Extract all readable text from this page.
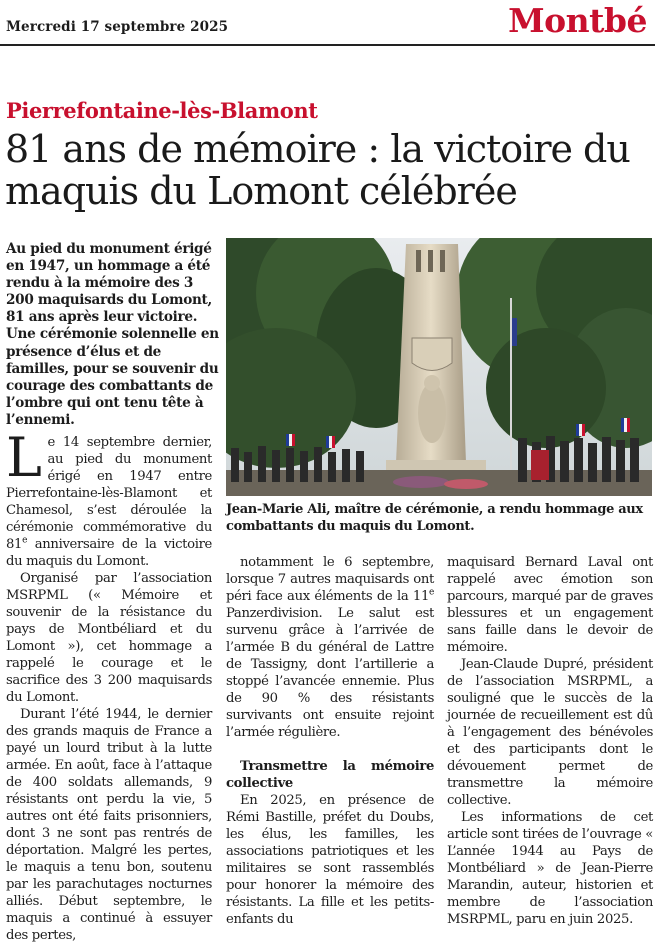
Mercredi 17 septembre 2025	Montbé
Pierrefontaine-lès-Blamont
81 ans de mémoire : la victoire du
maquis du Lomont célébrée
Au pied du monument érigé en 1947, un hommage a été rendu à la mémoire des 3 200 maquisards du Lomont, 81 ans après leur victoire. Une cérémonie solennelle en présence d’élus et de familles, pour se souvenir du courage des combattants de l’ombre qui ont tenu tête à l’ennemi.
Jean-Marie Ali, maître de cérémonie, a rendu hommage aux combattants du maquis du Lomont.

Le 14 septembre dernier, au pied du monument érigé en 1947 entre Pierrefontaine-lès-Blamont et Chamesol, s’est déroulée la cérémonie commémorative du 81e anniversaire de la victoire du maquis du Lomont.

Organisé par l’association MSRPML (« Mémoire et souvenir de la résistance du pays de Montbéliard et du Lomont »), cet hommage a rappelé le courage et le sacrifice des 3 200 maquisards du Lomont.

Durant l’été 1944, le dernier des grands maquis de France a payé un lourd tribut à la lutte armée. En août, face à l’attaque de 400 soldats allemands, 9 résistants ont perdu la vie, 5 autres ont été faits prisonniers, dont 3 ne sont pas rentrés de déportation. Malgré les pertes, le maquis a tenu bon, soutenu par les parachutages nocturnes alliés. Début septembre, le maquis a continué à essuyer des pertes,

notamment le 6 septembre, lorsque 7 autres maquisards ont péri face aux éléments de la 11e Panzerdivision. Le salut est survenu grâce à l’arrivée de l’armée B du général de Lattre de Tassigny, dont l’artillerie a stoppé l’avancée ennemie. Plus de 90 % des résistants survivants ont ensuite rejoint l’armée régulière.

Transmettre la mémoire collective

En 2025, en présence de Rémi Bastille, préfet du Doubs, les élus, les familles, les associations patriotiques et les militaires se sont rassemblés pour honorer la mémoire des résistants. La fille et les petits-enfants du

maquisard Bernard Laval ont rappelé avec émotion son parcours, marqué par de graves blessures et un engagement sans faille dans le devoir de mémoire.

Jean-Claude Dupré, président de l’association MSRPML, a souligné que le succès de la journée de recueillement est dû à l’engagement des bénévoles et des participants dont le dévouement permet de transmettre la mémoire collective.

Les informations de cet article sont tirées de l’ouvrage « L’année 1944 au Pays de Montbéliard » de Jean-Pierre Marandin, auteur, historien et membre de l’association MSRPML, paru en juin 2025.
